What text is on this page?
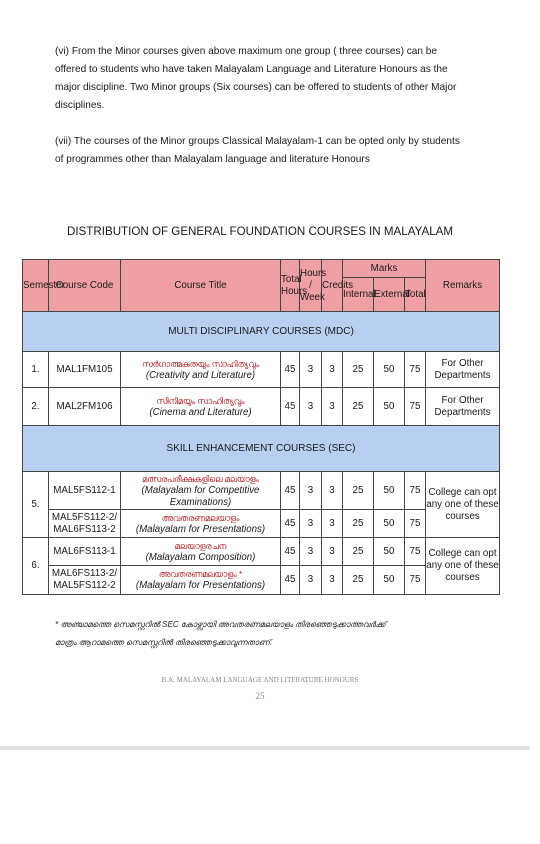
(vi) From the Minor courses given above maximum one group ( three courses) can be offered to students who have taken Malayalam Language and Literature Honours as the major discipline. Two Minor groups (Six courses) can be offered to students of other Major disciplines.

(vii) The courses of the Minor groups Classical Malayalam-1 can be opted only by students of programmes other than Malayalam language and literature Honours

DISTRIBUTION OF GENERAL FOUNDATION COURSES IN MALAYALAM
Semester	Course Code	Course Title	Total Hours	Hours / Week	Credits	Marks			Remarks
						Internal	External	Total	
MULTI DISCIPLINARY COURSES (MDC)									
1.	MAL1FM105	സർഗാത്മകതയും സാഹിത്യവും
(Creativity and Literature)	45	3	3	25	50	75	For Other Departments
2.	MAL2FM106	സിനിമയും സാഹിത്യവും
(Cinema and Literature)	45	3	3	25	50	75	For Other Departments
SKILL ENHANCEMENT COURSES (SEC)									
5.	MAL5FS112-1	മത്സരപരീക്ഷകളിലെ മലയാളം
(Malayalam for Competitive Examinations)	45	3	3	25	50	75	College can opt any one of these courses
	MAL5FS112-2/ MAL6FS113-2	അവതരണമലയാളം
(Malayalam for Presentations)	45	3	3	25	50	75	
6.	MAL6FS113-1	മലയാളരചന
(Malayalam Composition)	45	3	3	25	50	75	College can opt any one of these courses
	MAL6FS113-2/ MAL5FS112-2	അവതരണമലയാളം *
(Malayalam for Presentations)	45	3	3	25	50	75	
* അഞ്ചാമത്തെ സെമസ്റ്ററിൽ SEC കോഴ്സായി അവതരണമലയാളം തിരഞ്ഞെടുക്കാത്തവർക്ക്
മാത്രം ആറാമത്തെ സെമസ്റ്ററിൽ തിരഞ്ഞെടുക്കാവുന്നതാണ്.
B.A. MALAYALAM LANGUAGE AND LITERATURE HONOURS
25
